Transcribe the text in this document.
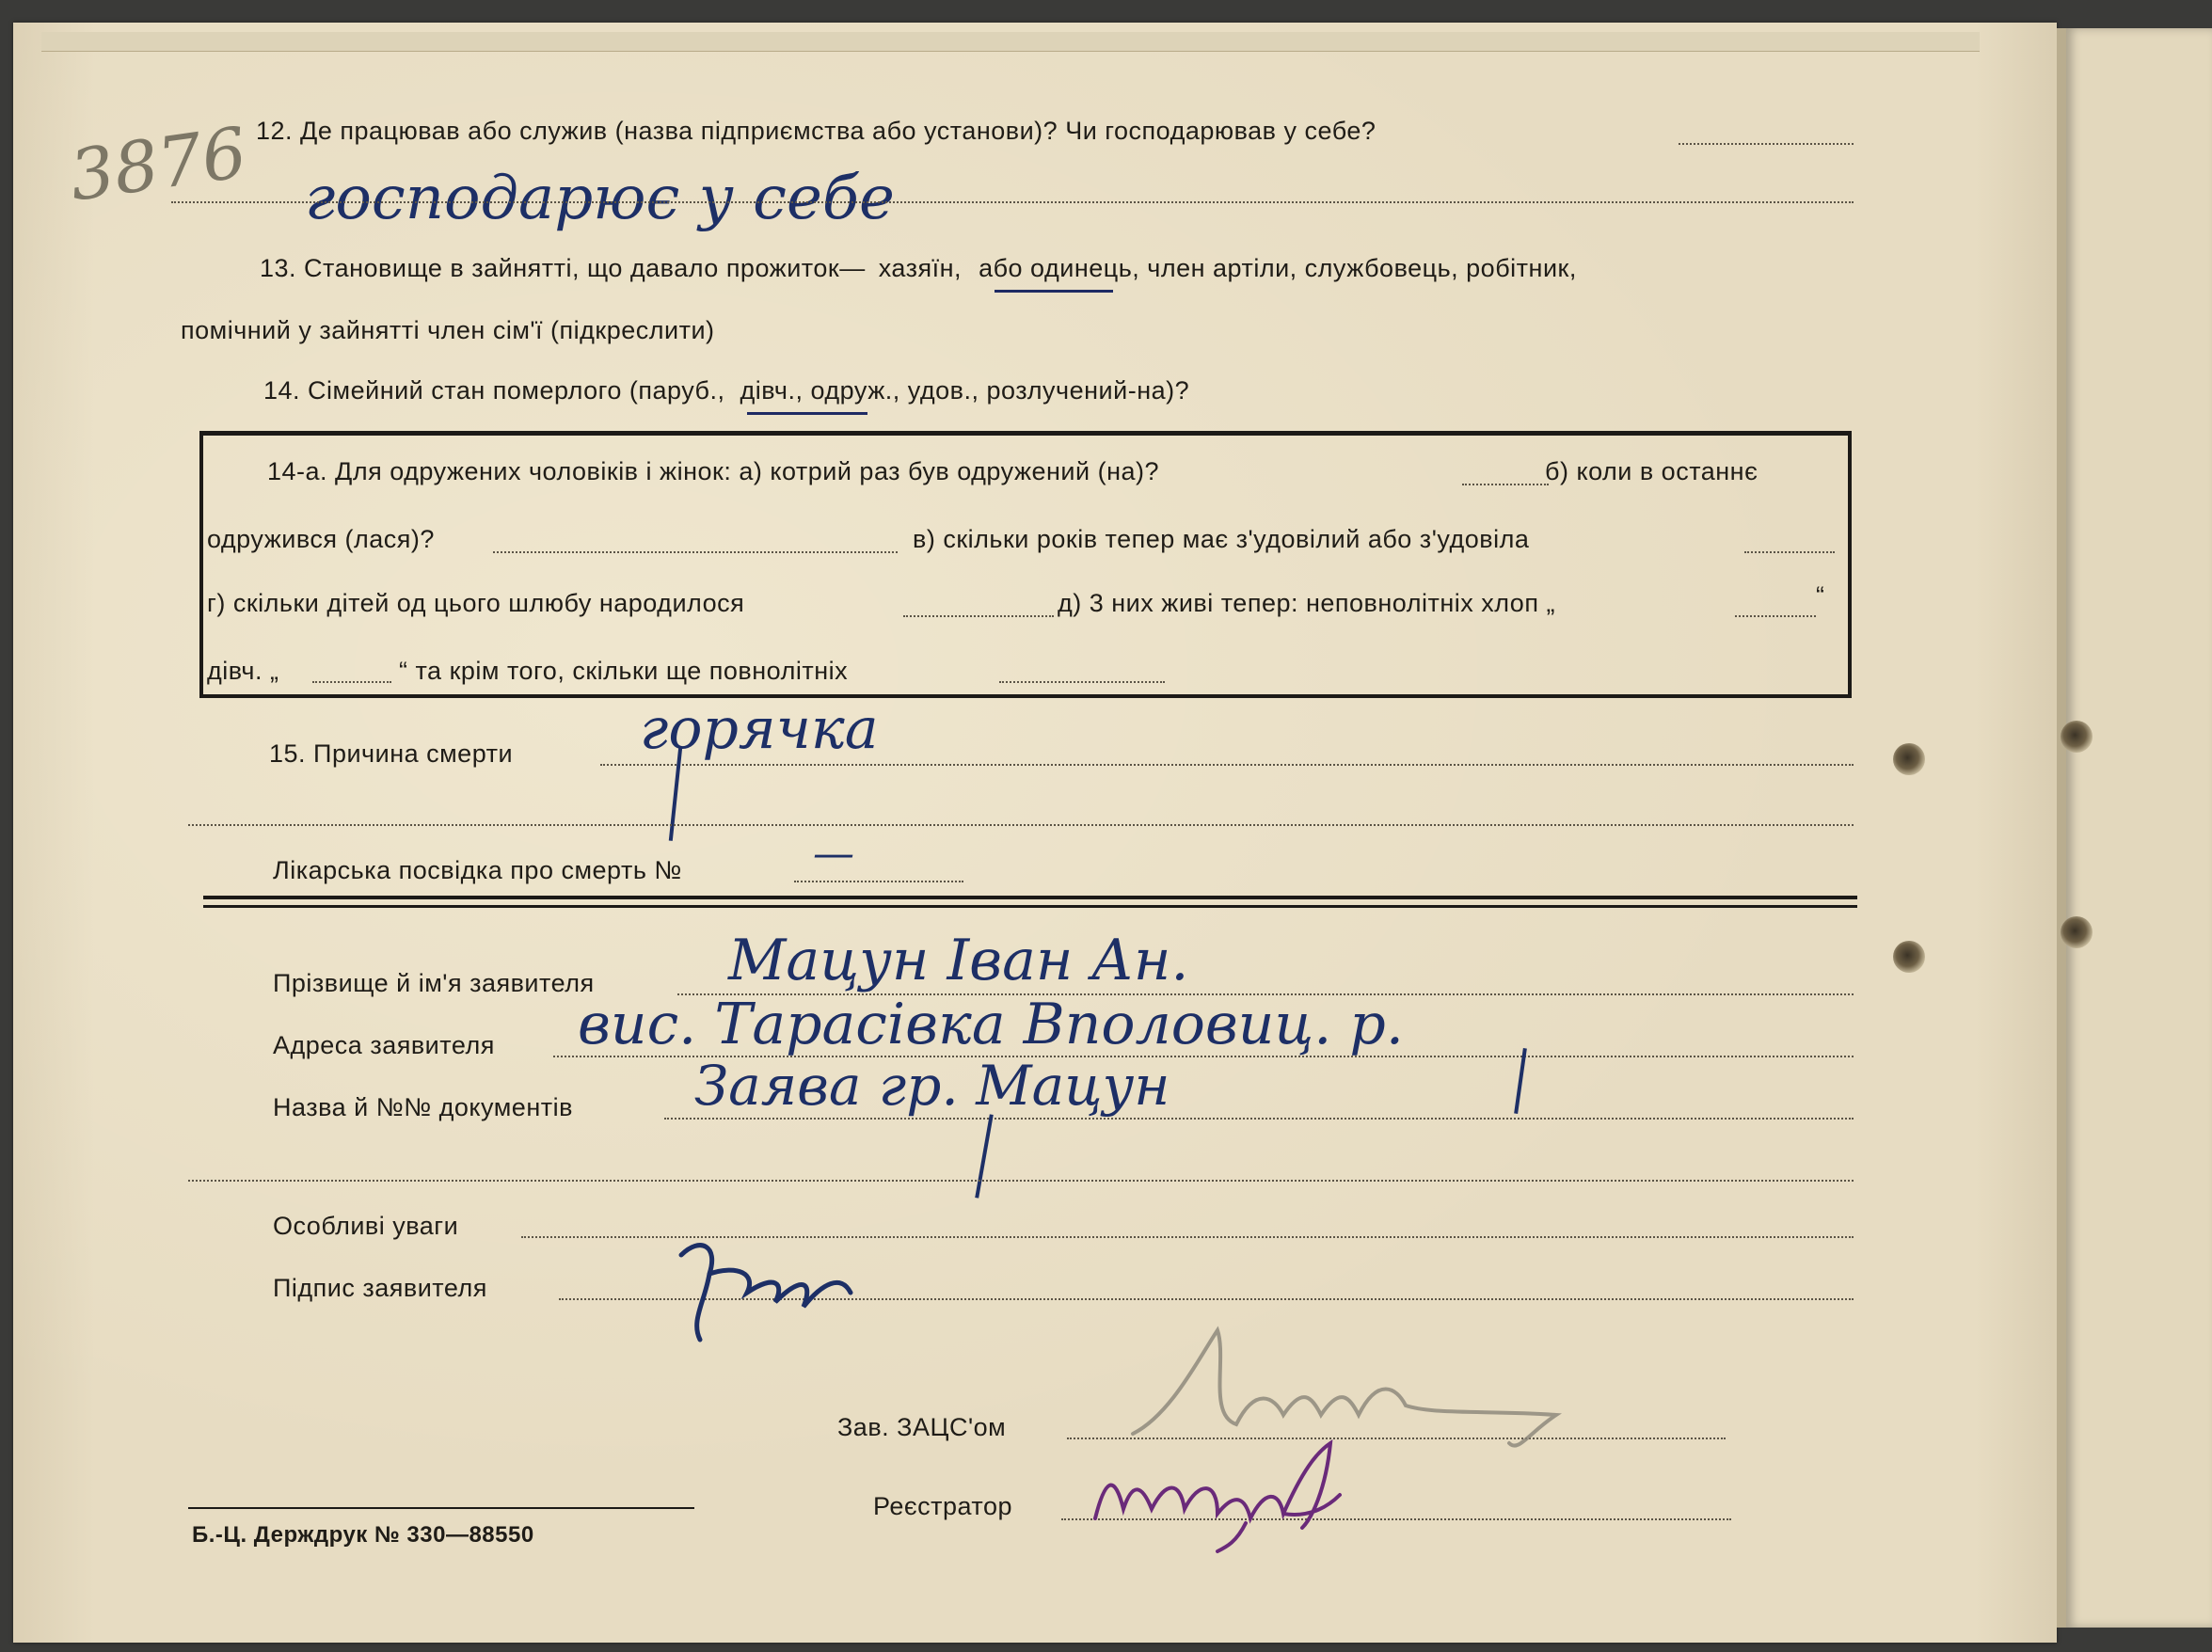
3876 12. Де працював або служив (назва підприємства або установи)? Чи господарював у себе?
господарює у себе
13. Становище в зайнятті, що давало прожиток— хазяїн, або одинець, член артіли, службовець, робітник,
помічний у зайнятті член сім'ї (підкреслити)
14. Сімейний стан померлого (паруб., дівч., одруж., удов., розлучений-на)?
14-а. Для одружених чоловіків і жінок: а) котрий раз був одружений (на)?	б) коли в останнє
одружився (лася)?	в) скільки років тепер має з'удовілий або з'удовіла
г) скільки дітей од цього шлюбу народилося	д) 3 них живі тепер: неповнолітніх хлоп „	“
дівч. „	“ та крім того, скільки ще повнолітніх
15. Причина смерти горячка
Лікарська посвідка про смерть №	—
Прізвище й ім'я заявителя Мацун Іван Ан.
Адреса заявителя вис. Тарасівка Вполовиц. р.
Назва й №№ документів Заява гр. Мацун
Особливі уваги
Підпис заявителя
Зав. ЗАЦС'ом
Реєстратор
Б.-Ц. Держдрук № 330—88550
